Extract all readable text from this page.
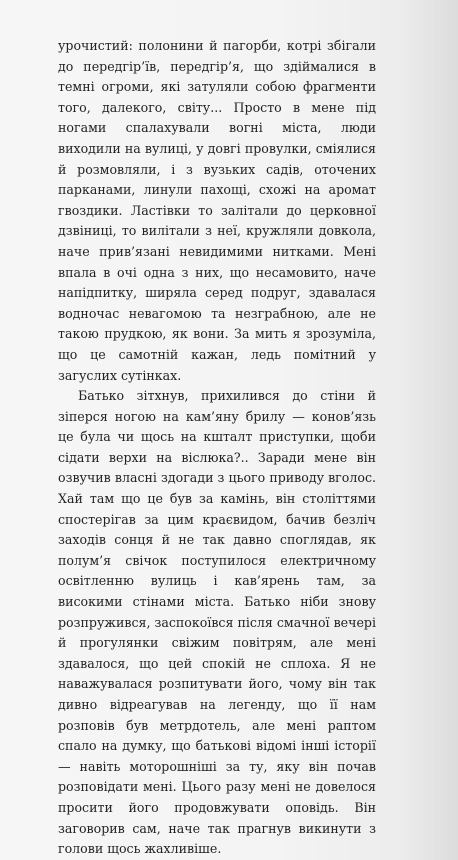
урочистий: полонини й пагорби, котрі збігали до передгір’їв, передгір’я, що здіймалися в темні огроми, які затуляли собою фрагменти того, далекого, світу... Просто в мене під ногами спалахували вогні міста, люди виходили на вулиці, у довгі провулки, сміялися й розмовляли, і з вузьких садів, оточених парканами, линули пахощі, схожі на аромат гвоздики. Ластівки то залітали до церковної дзвіниці, то вилітали з неї, кружляли довкола, наче прив’язані невидимими нитками. Мені впала в очі одна з них, що несамовито, наче напідпитку, ширяла серед подруг, здавалася водночас невагомою та незграбною, але не такою прудкою, як вони. За мить я зрозуміла, що це самотній кажан, ледь помітний у загуслих сутінках.

Батько зітхнув, прихилився до стіни й зіперся ногою на кам’яну брилу — конов’язь це була чи щось на кшталт приступки, щоби сідати верхи на віслюка?.. Заради мене він озвучив власні здогади з цього приводу вголос. Хай там що це був за камінь, він століттями спостерігав за цим краєвидом, бачив безліч заходів сонця й не так давно споглядав, як полум’я свічок поступилося електричному освітленню вулиць і кав’ярень там, за високими стінами міста. Батько ніби знову розпружився, заспокоївся після смачної вечері й прогулянки свіжим повітрям, але мені здавалося, що цей спокій не сплоха. Я не наважувалася розпитувати його, чому він так дивно відреагував на легенду, що її нам розповів був метрдотель, але мені раптом спало на думку, що батькові відомі інші історії — навіть моторошніші за ту, яку він почав розповідати мені. Цього разу мені не довелося просити його продовжувати оповідь. Він заговорив сам, наче так прагнув викинути з голови щось жахливіше.
